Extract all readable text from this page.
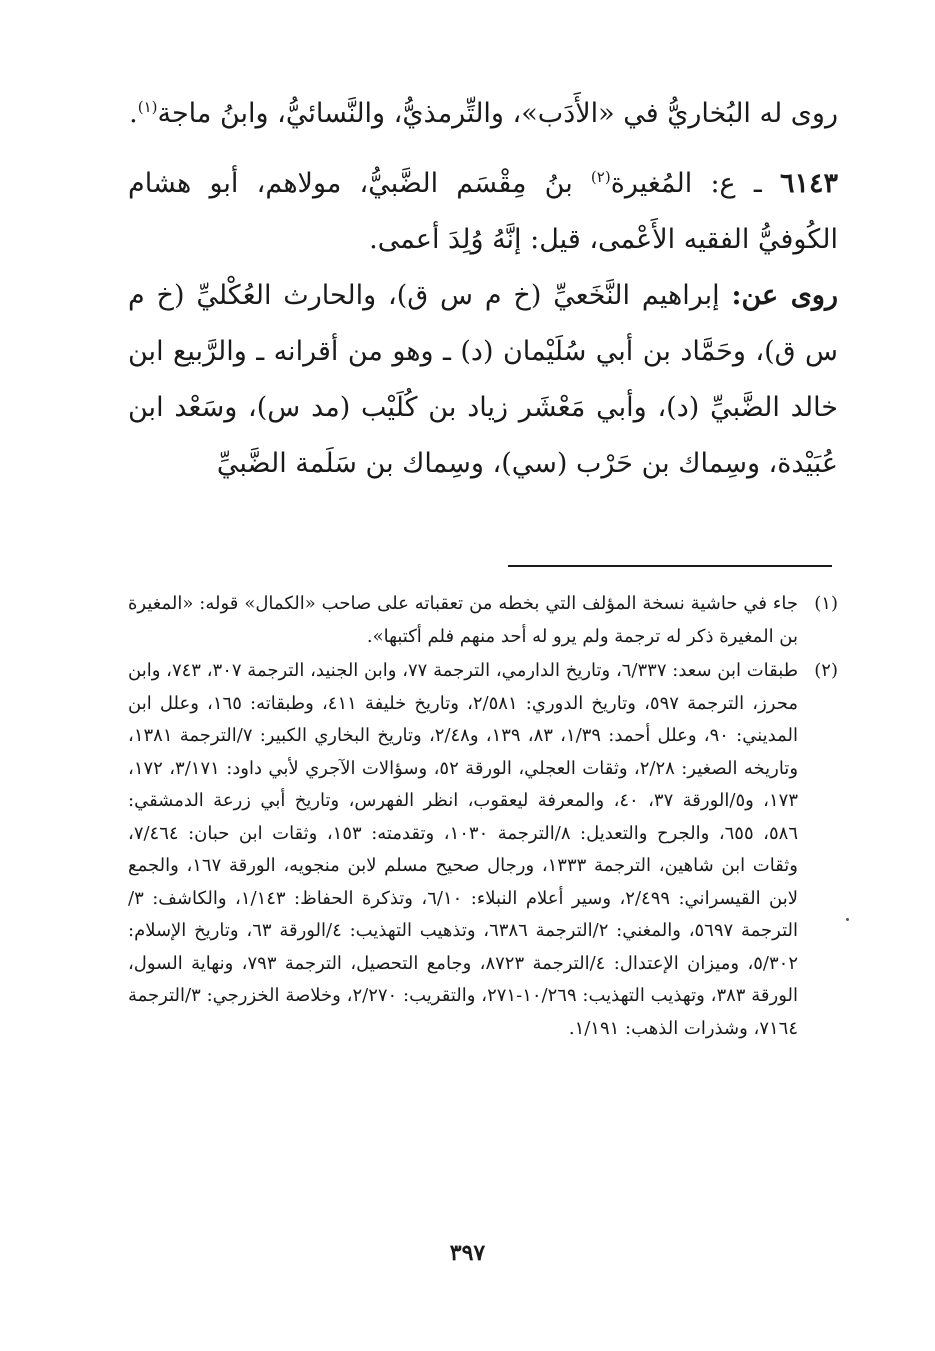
روى له البُخاريُّ في «الأَدَب»، والتِّرمذيُّ، والنَّسائيُّ، وابنُ ماجة$^{(١)}$.

٦١٤٣ ـ ع: المُغيرة$^{(٢)}$ بنُ مِقْسَم الضَّبيُّ، مولاهم، أبو هشام الكُوفيُّ الفقيه الأَعْمى، قيل: إنَّهُ وُلِدَ أعمى.

روى عن: إبراهيم النَّخَعيِّ (خ م س ق)، والحارث العُكْليِّ (خ م س ق)، وحَمَّاد بن أبي سُلَيْمان (د) ـ وهو من أقرانه ـ والرَّبيع ابن خالد الضَّبيِّ (د)، وأبي مَعْشَر زياد بن كُلَيْب (مد س)، وسَعْد ابن عُبَيْدة، وسِماك بن حَرْب (سي)، وسِماك بن سَلَمة الضَّبيِّ

(١)
جاء في حاشية نسخة المؤلف التي بخطه من تعقباته على صاحب «الكمال» قوله: «المغيرة بن المغيرة ذكر له ترجمة ولم يرو له أحد منهم فلم أكتبها».
(٢)
طبقات ابن سعد: ٦/٣٣٧، وتاريخ الدارمي، الترجمة ٧٧، وابن الجنيد، الترجمة ٣٠٧، ٧٤٣، وابن محرز، الترجمة ٥٩٧، وتاريخ الدوري: ٢/٥٨١، وتاريخ خليفة ٤١١، وطبقاته: ١٦٥، وعلل ابن المديني: ٩٠، وعلل أحمد: ١/٣٩، ٨٣، ١٣٩، و٢/٤٨، وتاريخ البخاري الكبير: ٧/الترجمة ١٣٨١، وتاريخه الصغير: ٢/٢٨، وثقات العجلي، الورقة ٥٢، وسؤالات الآجري لأبي داود: ٣/١٧١، ١٧٢، ١٧٣، و٥/الورقة ٣٧، ٤٠، والمعرفة ليعقوب، انظر الفهرس، وتاريخ أبي زرعة الدمشقي: ٥٨٦، ٦٥٥، والجرح والتعديل: ٨/الترجمة ١٠٣٠، وتقدمته: ١٥٣، وثقات ابن حبان: ٧/٤٦٤، وثقات ابن شاهين، الترجمة ١٣٣٣، ورجال صحيح مسلم لابن منجويه، الورقة ١٦٧، والجمع لابن القيسراني: ٢/٤٩٩، وسير أعلام النبلاء: ٦/١٠، وتذكرة الحفاظ: ١/١٤٣، والكاشف: ٣/الترجمة ٥٦٩٧، والمغني: ٢/الترجمة ٦٣٨٦، وتذهيب التهذيب: ٤/الورقة ٦٣، وتاريخ الإسلام: ٥/٣٠٢، وميزان الإعتدال: ٤/الترجمة ٨٧٢٣، وجامع التحصيل، الترجمة ٧٩٣، ونهاية السول، الورقة ٣٨٣، وتهذيب التهذيب: ١٠/٢٦٩-٢٧١، والتقريب: ٢/٢٧٠، وخلاصة الخزرجي: ٣/الترجمة ٧١٦٤، وشذرات الذهب: ١/١٩١.
٣٩٧
